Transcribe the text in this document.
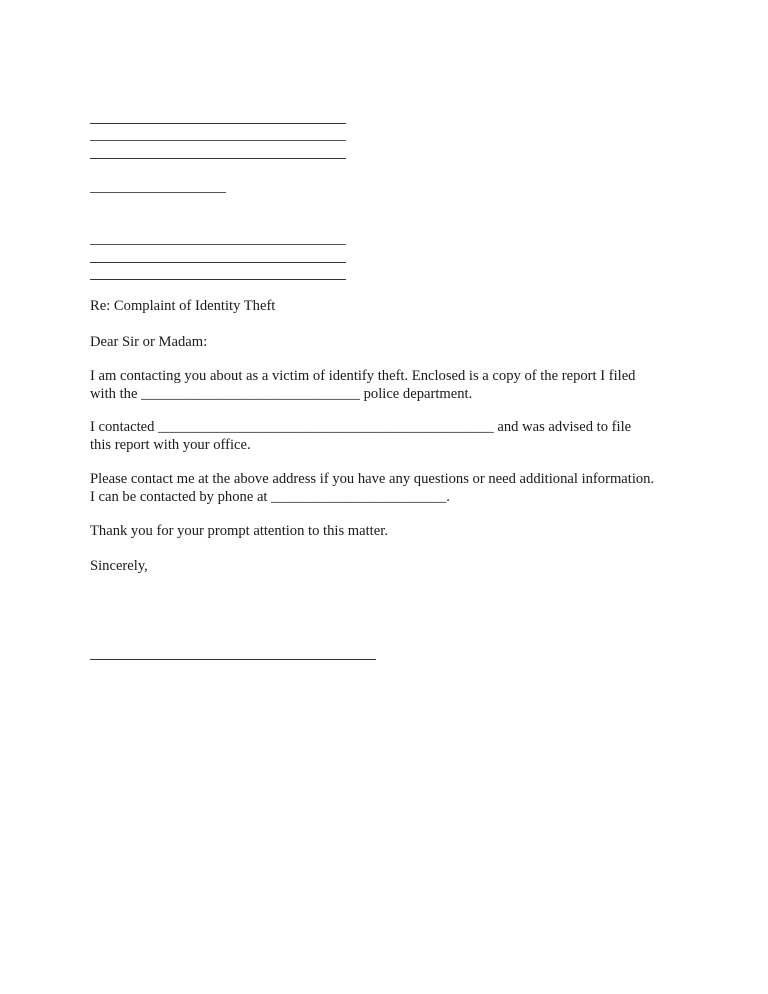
Re: Complaint of Identity Theft
Dear Sir or Madam:
I am contacting you about as a victim of identify theft. Enclosed is a copy of the report I filed
with the ______________________________ police department.
I contacted ______________________________________________ and was advised to file
this report with your office.
Please contact me at the above address if you have any questions or need additional information.
I can be contacted by phone at ________________________.
Thank you for your prompt attention to this matter.
Sincerely,
